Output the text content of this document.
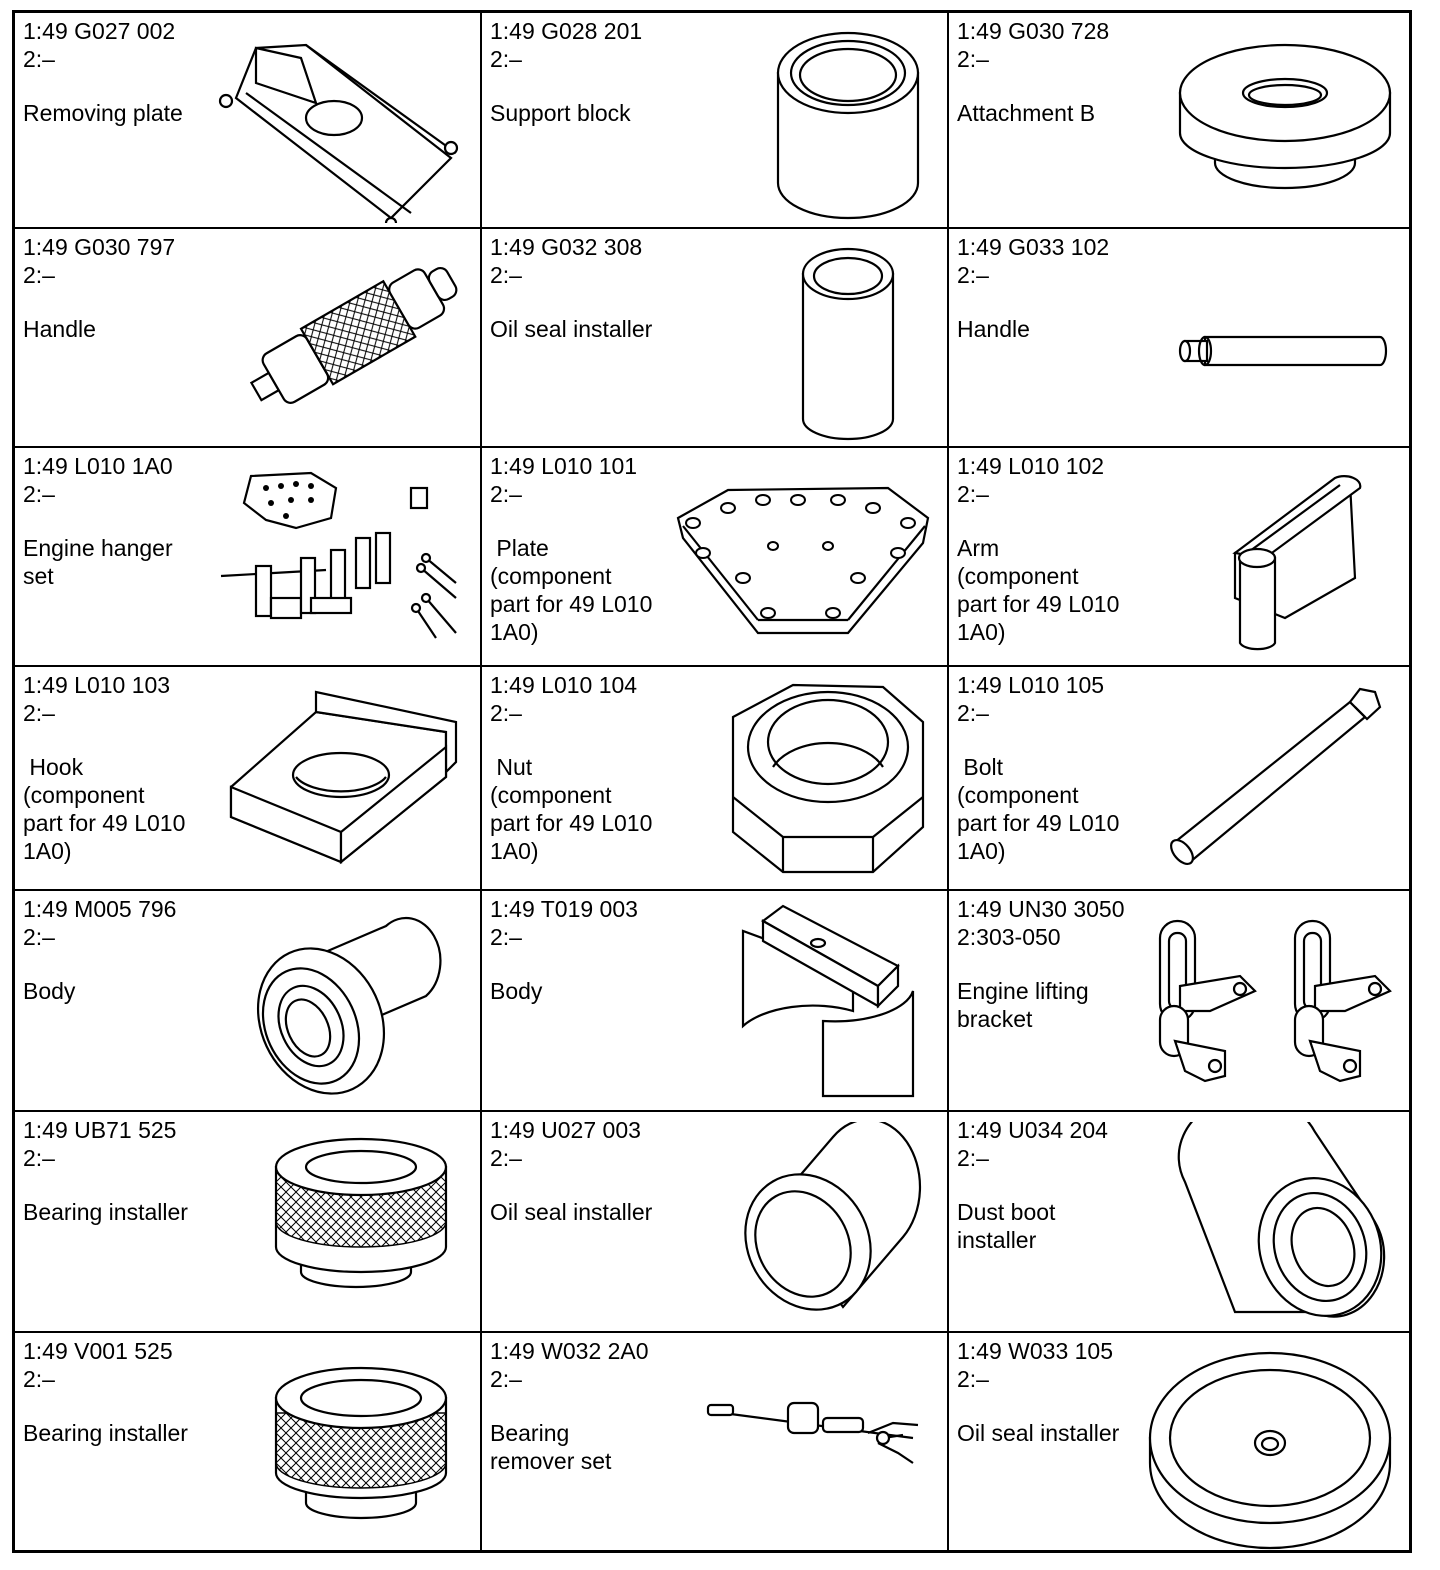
1:49 G027 002
2:–
Removing plate
1:49 G028 201
2:–
Support block
1:49 G030 728
2:–
Attachment B
1:49 G030 797
2:–
Handle
1:49 G032 308
2:–
Oil seal installer
1:49 G033 102
2:–
Handle
1:49 L010 1A0
2:–
Engine hanger
set
1:49 L010 101
2:–
Plate
(component
part for 49 L010
1A0)
1:49 L010 102
2:–
Arm
(component
part for 49 L010
1A0)
1:49 L010 103
2:–
Hook
(component
part for 49 L010
1A0)
1:49 L010 104
2:–
Nut
(component
part for 49 L010
1A0)
1:49 L010 105
2:–
Bolt
(component
part for 49 L010
1A0)
1:49 M005 796
2:–
Body
1:49 T019 003
2:–
Body
1:49 UN30 3050
2:303-050
Engine lifting
bracket
1:49 UB71 525
2:–
Bearing installer
1:49 U027 003
2:–
Oil seal installer
1:49 U034 204
2:–
Dust boot
installer
1:49 V001 525
2:–
Bearing installer
1:49 W032 2A0
2:–
Bearing
remover set
1:49 W033 105
2:–
Oil seal installer
